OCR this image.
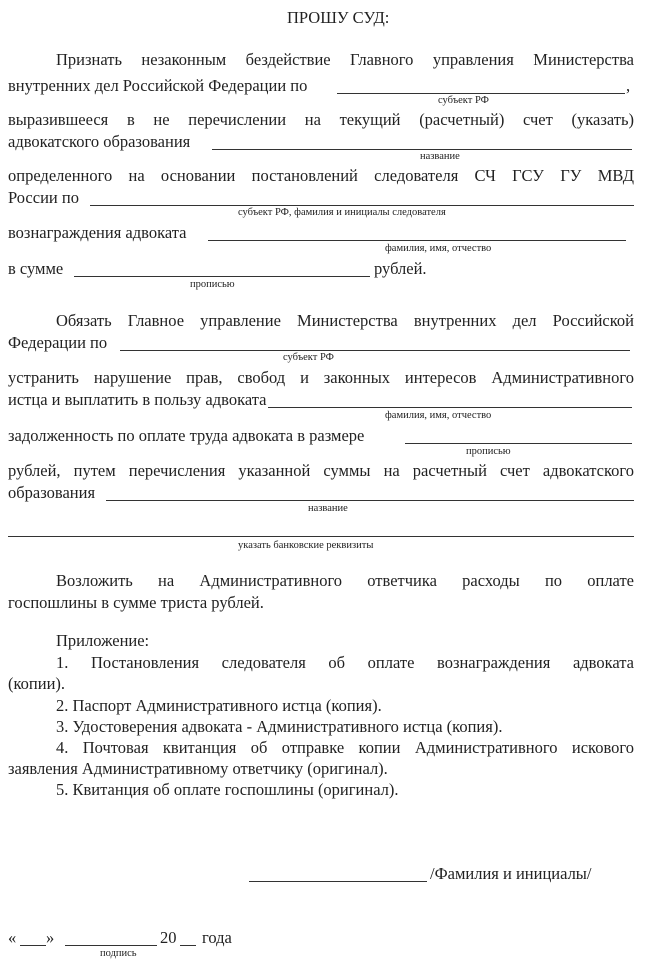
ПРОШУ СУД:
Признать незаконным бездействие Главного управления Министерства
внутренних дел Российской Федерации по	,
субъект РФ
выразившееся в не перечислении на текущий (расчетный) счет (указать)
адвокатского образования
название
определенного на основании постановлений следователя СЧ ГСУ ГУ МВД
России по
субъект РФ, фамилия и инициалы следователя
вознаграждения адвоката
фамилия, имя, отчество
в сумме	рублей.
прописью
Обязать Главное управление Министерства внутренних дел Российской
Федерации по
субъект РФ
устранить нарушение прав, свобод и законных интересов Административного
истца и выплатить в пользу адвоката
фамилия, имя, отчество
задолженность по оплате труда адвоката в размере
прописью
рублей, путем перечисления указанной суммы на расчетный счет адвокатского
образования
название
указать банковские реквизиты
Возложить на Административного ответчика расходы по оплате
госпошлины в сумме триста рублей.
Приложение:
1. Постановления следователя об оплате вознаграждения адвоката
(копии).
2. Паспорт Административного истца (копия).
3. Удостоверения адвоката - Административного истца (копия).
4. Почтовая квитанция об отправке копии Административного искового
заявления Административному ответчику (оригинал).
5. Квитанция об оплате госпошлины (оригинал).
/Фамилия и инициалы/
« »	20 года
подпись
